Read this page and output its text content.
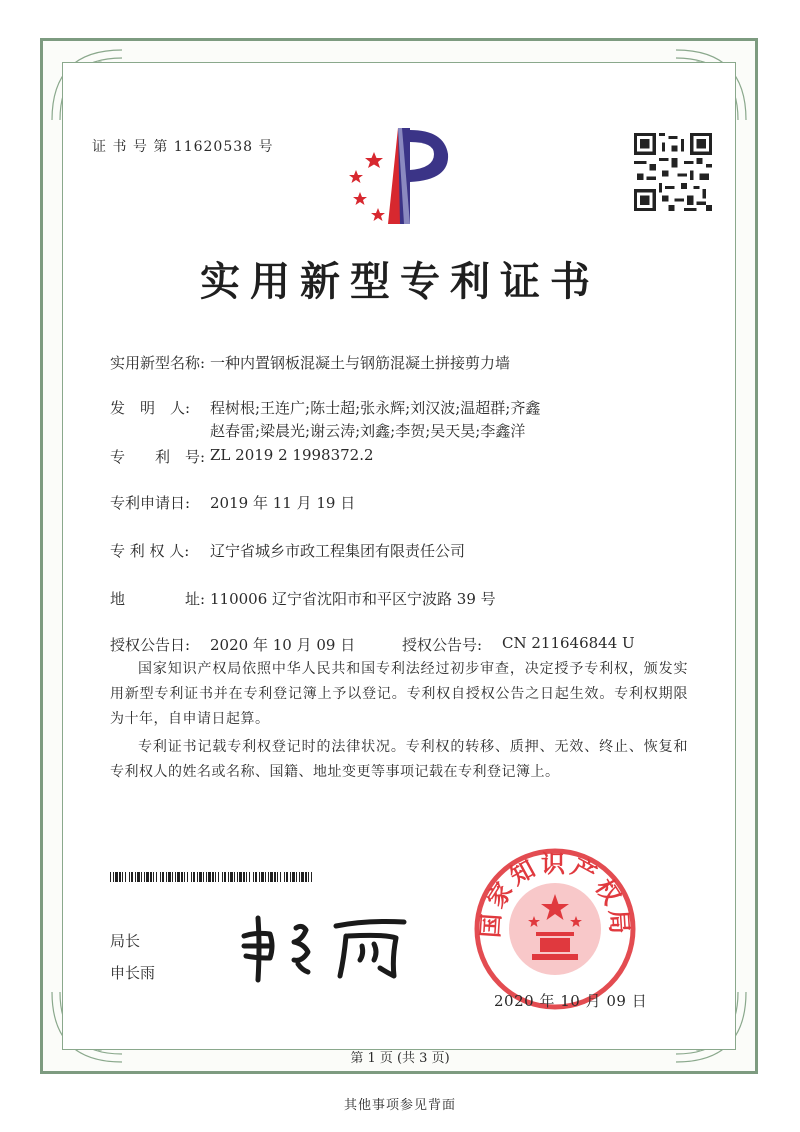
证 书 号 第 11620538 号
实用新型专利证书
实用新型名称: 一种内置钢板混凝土与钢筋混凝土拼接剪力墙
发　明　人:	程树根;王连广;陈士超;张永辉;刘汉波;温超群;齐鑫
赵春雷;梁晨光;谢云涛;刘鑫;李贺;吴天昊;李鑫洋
专　　利　号: ZL 2019 2 1998372.2
专利申请日:	2019 年 11 月 19 日
专 利 权 人:	辽宁省城乡市政工程集团有限责任公司
地　　　　址: 110006 辽宁省沈阳市和平区宁波路 39 号
授权公告日:	2020 年 10 月 09 日	授权公告号:	CN 211646844 U

国家知识产权局依照中华人民共和国专利法经过初步审查，决定授予专利权，颁发实用新型专利证书并在专利登记簿上予以登记。专利权自授权公告之日起生效。专利权期限为十年，自申请日起算。

专利证书记载专利权登记时的法律状况。专利权的转移、质押、无效、终止、恢复和专利权人的姓名或名称、国籍、地址变更等事项记载在专利登记簿上。

局长
申长雨
国家知识产权局
2020 年 10 月 09 日
第 1 页 (共 3 页)
其他事项参见背面
